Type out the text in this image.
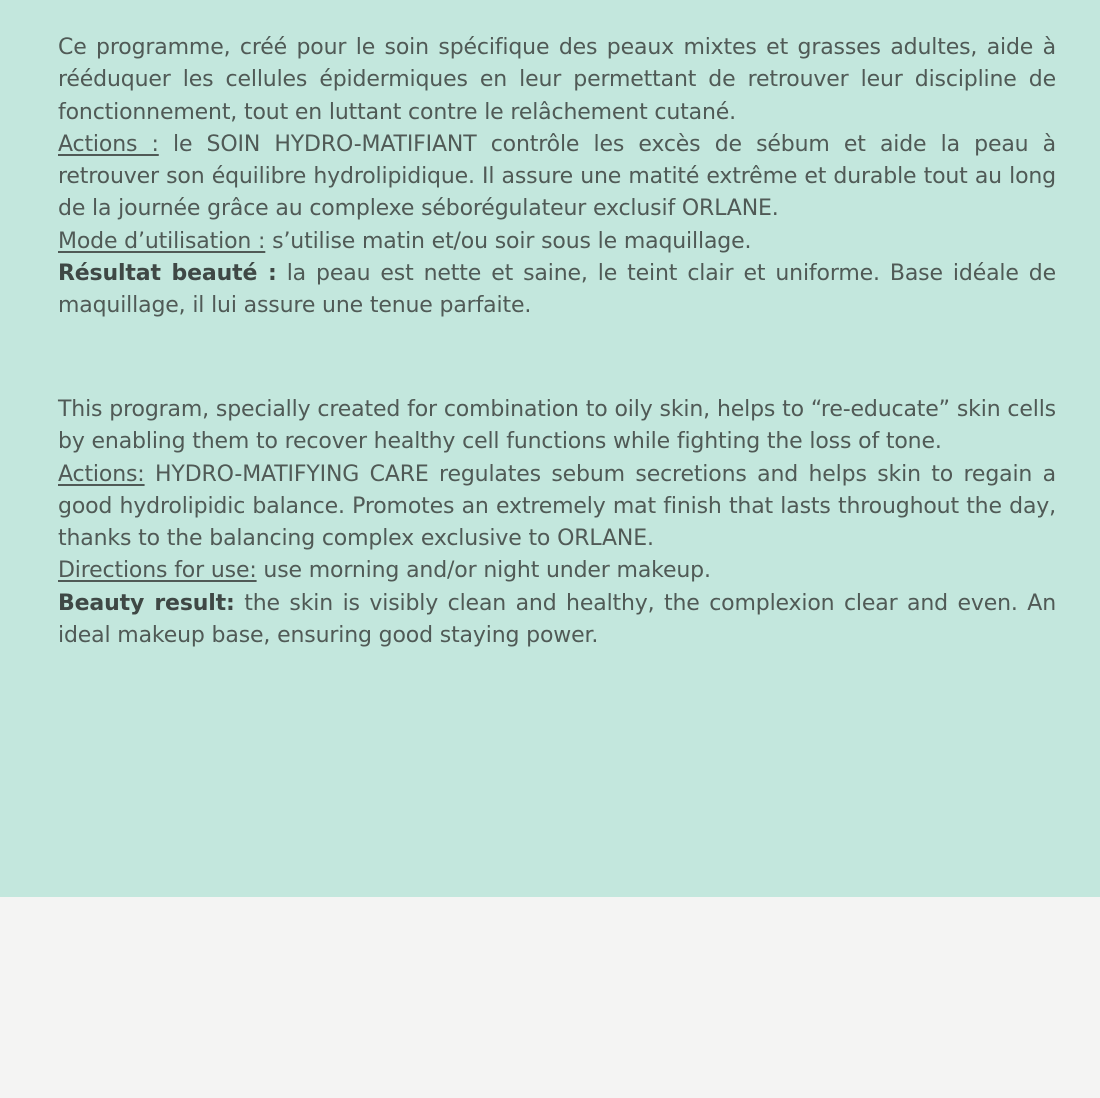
Ce programme, créé pour le soin spécifique des peaux mixtes et grasses adultes, aide à rééduquer les cellules épidermiques en leur permettant de retrouver leur discipline de fonctionnement, tout en luttant contre le relâchement cutané.

Actions : le SOIN HYDRO-MATIFIANT contrôle les excès de sébum et aide la peau à retrouver son équilibre hydrolipidique. Il assure une matité extrême et durable tout au long de la journée grâce au complexe séborégulateur exclusif ORLANE.

Mode d’utilisation : s’utilise matin et/ou soir sous le maquillage.

Résultat beauté : la peau est nette et saine, le teint clair et uniforme. Base idéale de maquillage, il lui assure une tenue parfaite.

This program, specially created for combination to oily skin, helps to “re-educate” skin cells by enabling them to recover healthy cell functions while fighting the loss of tone.

Actions: HYDRO-MATIFYING CARE regulates sebum secretions and helps skin to regain a good hydrolipidic balance. Promotes an extremely mat finish that lasts throughout the day, thanks to the balancing complex exclusive to ORLANE.

Directions for use: use morning and/or night under makeup.

Beauty result: the skin is visibly clean and healthy, the complexion clear and even. An ideal makeup base, ensuring good staying power.
